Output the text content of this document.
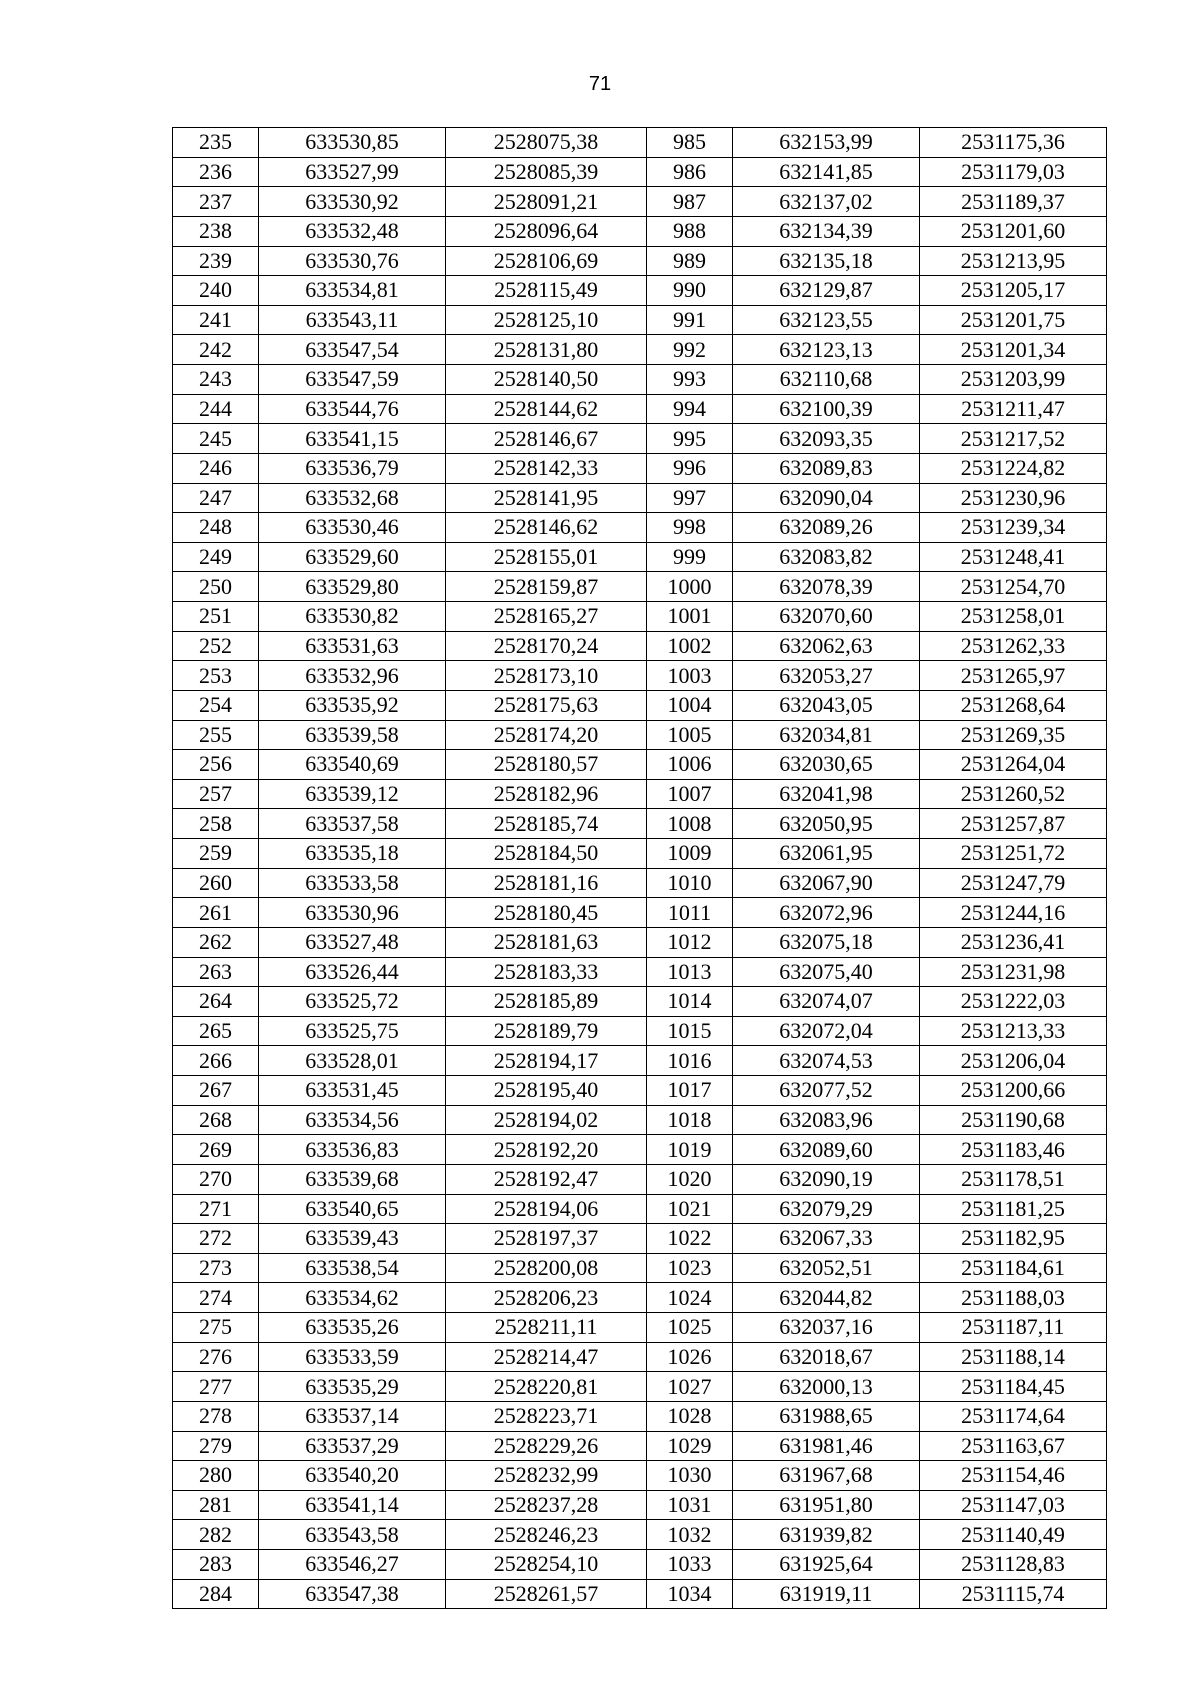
71
235	633530,85	2528075,38	985	632153,99	2531175,36
236	633527,99	2528085,39	986	632141,85	2531179,03
237	633530,92	2528091,21	987	632137,02	2531189,37
238	633532,48	2528096,64	988	632134,39	2531201,60
239	633530,76	2528106,69	989	632135,18	2531213,95
240	633534,81	2528115,49	990	632129,87	2531205,17
241	633543,11	2528125,10	991	632123,55	2531201,75
242	633547,54	2528131,80	992	632123,13	2531201,34
243	633547,59	2528140,50	993	632110,68	2531203,99
244	633544,76	2528144,62	994	632100,39	2531211,47
245	633541,15	2528146,67	995	632093,35	2531217,52
246	633536,79	2528142,33	996	632089,83	2531224,82
247	633532,68	2528141,95	997	632090,04	2531230,96
248	633530,46	2528146,62	998	632089,26	2531239,34
249	633529,60	2528155,01	999	632083,82	2531248,41
250	633529,80	2528159,87	1000	632078,39	2531254,70
251	633530,82	2528165,27	1001	632070,60	2531258,01
252	633531,63	2528170,24	1002	632062,63	2531262,33
253	633532,96	2528173,10	1003	632053,27	2531265,97
254	633535,92	2528175,63	1004	632043,05	2531268,64
255	633539,58	2528174,20	1005	632034,81	2531269,35
256	633540,69	2528180,57	1006	632030,65	2531264,04
257	633539,12	2528182,96	1007	632041,98	2531260,52
258	633537,58	2528185,74	1008	632050,95	2531257,87
259	633535,18	2528184,50	1009	632061,95	2531251,72
260	633533,58	2528181,16	1010	632067,90	2531247,79
261	633530,96	2528180,45	1011	632072,96	2531244,16
262	633527,48	2528181,63	1012	632075,18	2531236,41
263	633526,44	2528183,33	1013	632075,40	2531231,98
264	633525,72	2528185,89	1014	632074,07	2531222,03
265	633525,75	2528189,79	1015	632072,04	2531213,33
266	633528,01	2528194,17	1016	632074,53	2531206,04
267	633531,45	2528195,40	1017	632077,52	2531200,66
268	633534,56	2528194,02	1018	632083,96	2531190,68
269	633536,83	2528192,20	1019	632089,60	2531183,46
270	633539,68	2528192,47	1020	632090,19	2531178,51
271	633540,65	2528194,06	1021	632079,29	2531181,25
272	633539,43	2528197,37	1022	632067,33	2531182,95
273	633538,54	2528200,08	1023	632052,51	2531184,61
274	633534,62	2528206,23	1024	632044,82	2531188,03
275	633535,26	2528211,11	1025	632037,16	2531187,11
276	633533,59	2528214,47	1026	632018,67	2531188,14
277	633535,29	2528220,81	1027	632000,13	2531184,45
278	633537,14	2528223,71	1028	631988,65	2531174,64
279	633537,29	2528229,26	1029	631981,46	2531163,67
280	633540,20	2528232,99	1030	631967,68	2531154,46
281	633541,14	2528237,28	1031	631951,80	2531147,03
282	633543,58	2528246,23	1032	631939,82	2531140,49
283	633546,27	2528254,10	1033	631925,64	2531128,83
284	633547,38	2528261,57	1034	631919,11	2531115,74
